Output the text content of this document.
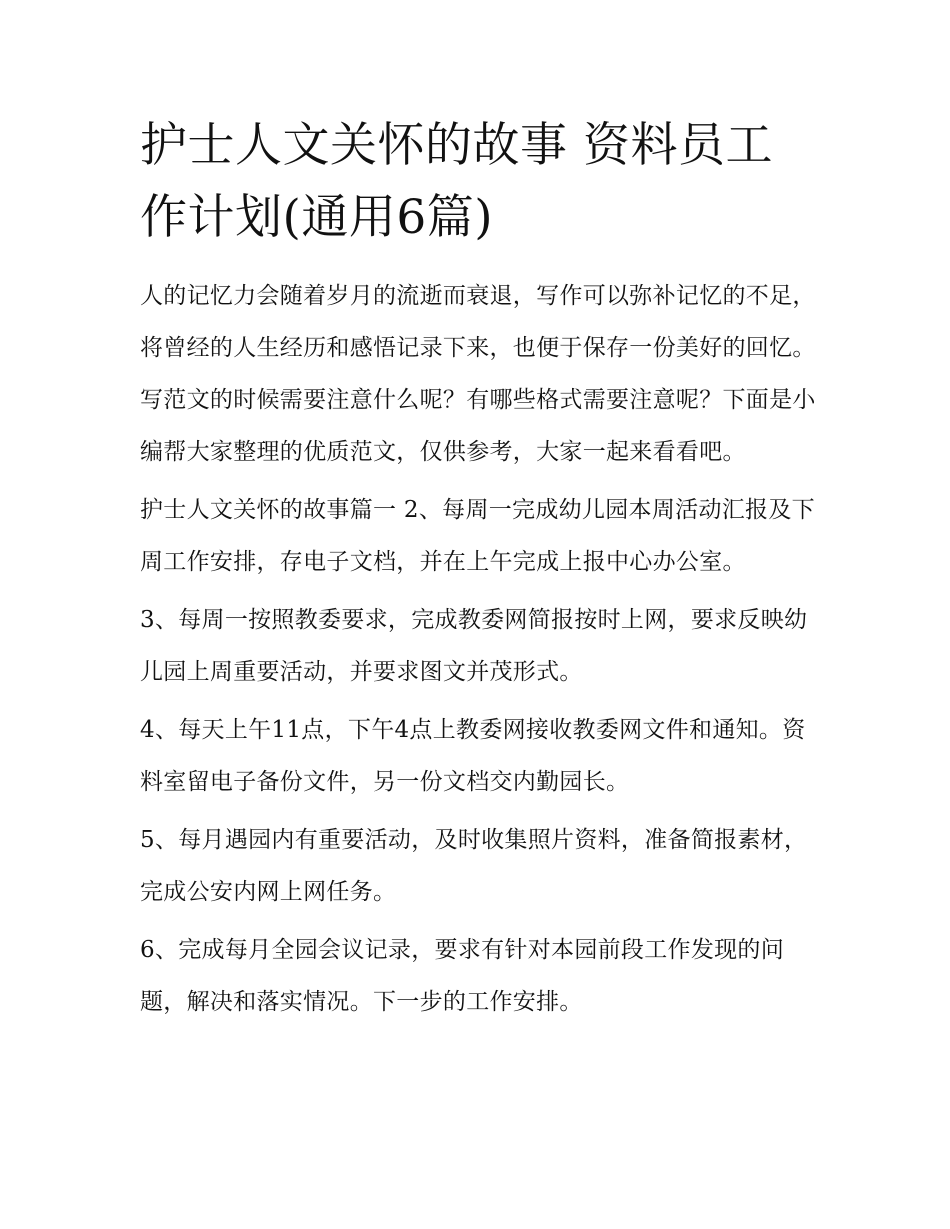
护士人文关怀的故事 资料员工作计划(通用6篇)

人的记忆力会随着岁月的流逝而衰退，写作可以弥补记忆的不足，将曾经的人生经历和感悟记录下来，也便于保存一份美好的回忆。写范文的时候需要注意什么呢？有哪些格式需要注意呢？下面是小编帮大家整理的优质范文，仅供参考，大家一起来看看吧。

护士人文关怀的故事篇一 2、每周一完成幼儿园本周活动汇报及下周工作安排，存电子文档，并在上午完成上报中心办公室。

3、每周一按照教委要求，完成教委网简报按时上网，要求反映幼儿园上周重要活动，并要求图文并茂形式。

4、每天上午11点，下午4点上教委网接收教委网文件和通知。资料室留电子备份文件，另一份文档交内勤园长。

5、每月遇园内有重要活动，及时收集照片资料，准备简报素材，完成公安内网上网任务。

6、完成每月全园会议记录，要求有针对本园前段工作发现的问题，解决和落实情况。下一步的工作安排。
